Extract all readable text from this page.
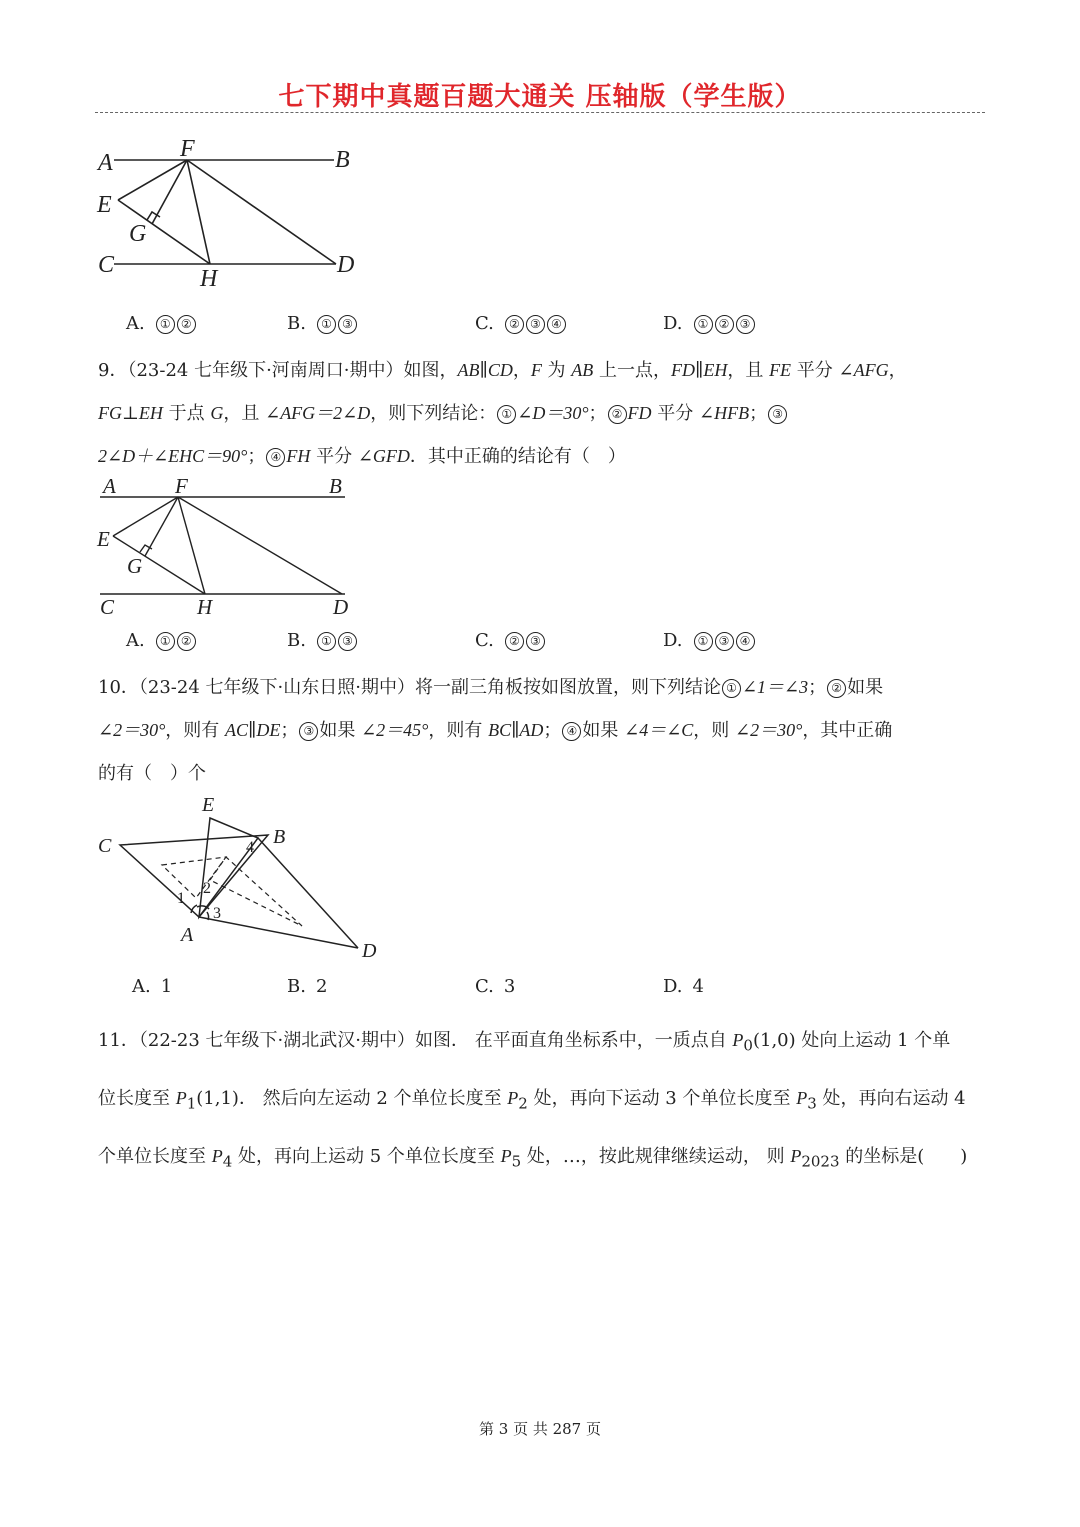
七下期中真题百题大通关 压轴版（学生版）
A
F	B
E
G
C
H
D
A. ① ②	B. ① ③	C. ② ③ ④	D. ① ② ③
9．（23-24 七年级下·河南周口·期中）如图，AB∥CD，F 为 AB 上一点，FD∥EH，且 FE 平分 ∠AFG，
FG⊥EH 于点 G，且 ∠AFG＝2∠D，则下列结论： ① ∠D＝30°； ② FD 平分 ∠HFB； ③
2∠D＋∠EHC＝90°； ④ FH 平分 ∠GFD．其中正确的结论有（　）
A	F	B
E
G
C	H	D
A. ① ②	B. ① ③	C. ② ③	D. ① ③ ④
10．（23-24 七年级下·山东日照·期中）将一副三角板按如图放置，则下列结论 ① ∠1＝∠3； ② 如果
∠2＝30°，则有 AC∥DE； ③ 如果 ∠2＝45°，则有 BC∥AD； ④ 如果 ∠4＝∠C，则 ∠2＝30°，其中正确
的有（　）个
E
C	B
A
D
1
2
3
4
A. 1	B. 2	C. 3	D. 4
11．（22-23 七年级下·湖北武汉·期中）如图． 在平面直角坐标系中，一质点自 $P_0(1,0)$ 处向上运动 1 个单
位长度至 $P_1(1,1)$． 然后向左运动 2 个单位长度至 $P_2$ 处，再向下运动 3 个单位长度至 $P_3$ 处，再向右运动 4
个单位长度至 $P_4$ 处，再向上运动 5 个单位长度至 $P_5$ 处，…，按此规律继续运动， 则 $P_{2023}$ 的坐标是(　　)
第 3 页 共 287 页
